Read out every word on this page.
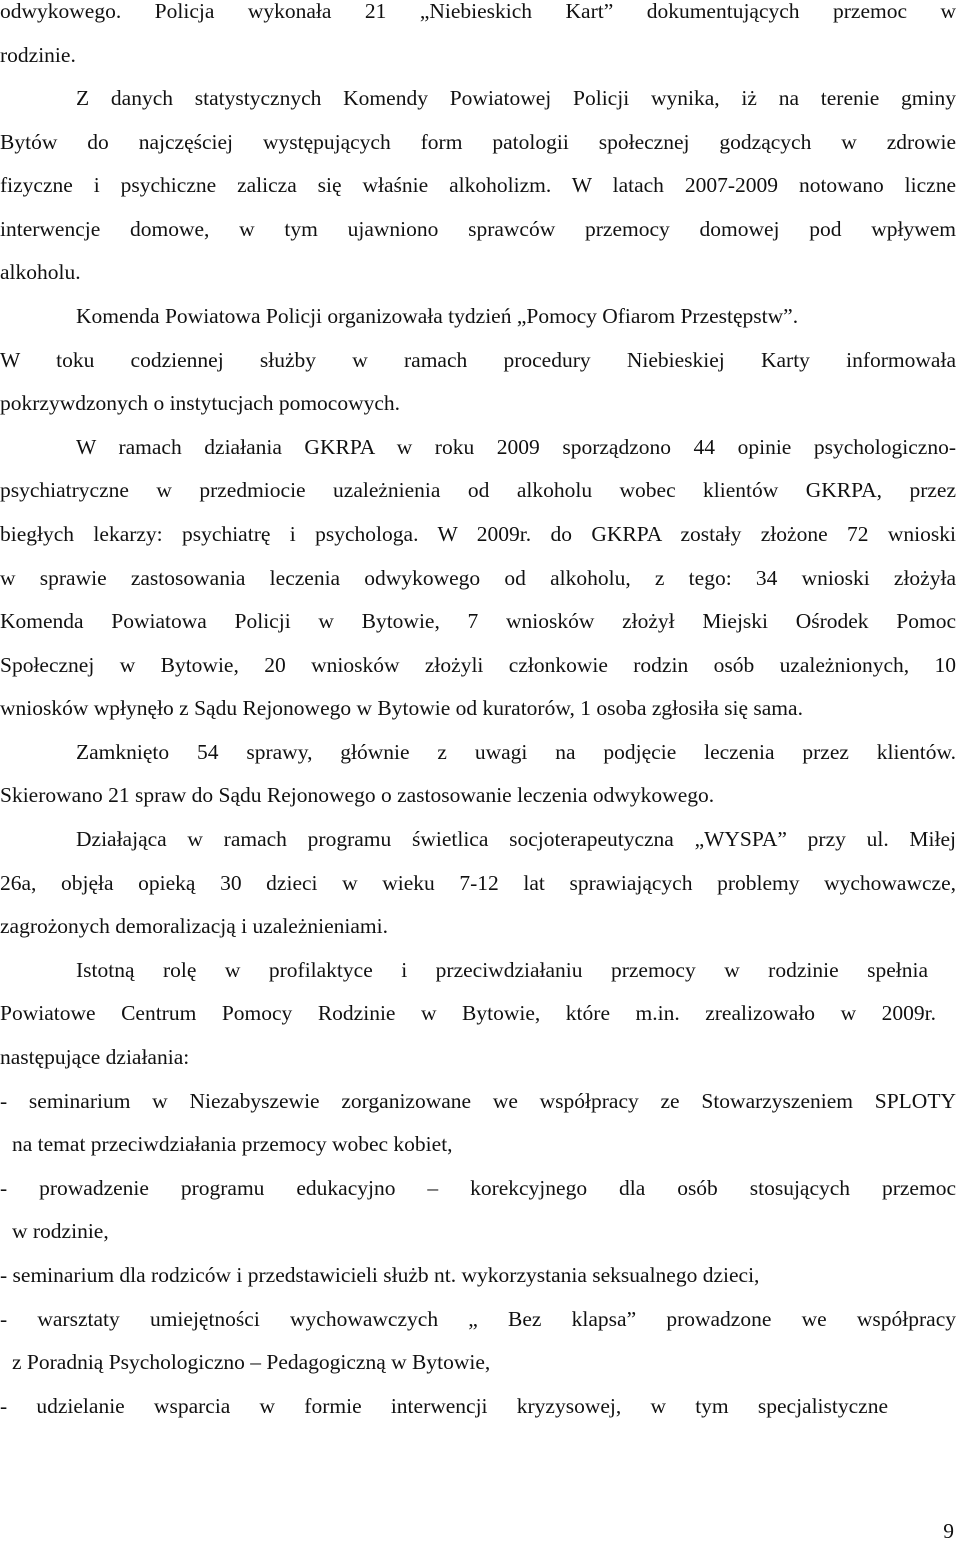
odwykowego. Policja wykonała 21 „Niebieskich Kart” dokumentujących przemoc w
rodzinie.
Z danych statystycznych Komendy Powiatowej Policji wynika, iż na terenie gminy
Bytów do najczęściej występujących form patologii społecznej godzących w zdrowie
fizyczne i psychiczne zalicza się właśnie alkoholizm. W latach 2007-2009 notowano liczne
interwencje domowe, w tym ujawniono sprawców przemocy domowej pod wpływem
alkoholu.
Komenda Powiatowa Policji organizowała tydzień „Pomocy Ofiarom Przestępstw”.
W toku codziennej służby w ramach procedury Niebieskiej Karty informowała
pokrzywdzonych o instytucjach pomocowych.
W ramach działania GKRPA w roku 2009 sporządzono 44 opinie psychologiczno-
psychiatryczne w przedmiocie uzależnienia od alkoholu wobec klientów GKRPA, przez
biegłych lekarzy: psychiatrę i psychologa. W 2009r. do GKRPA zostały złożone 72 wnioski
w sprawie zastosowania leczenia odwykowego od alkoholu, z tego: 34 wnioski złożyła
Komenda Powiatowa Policji w Bytowie, 7 wniosków złożył Miejski Ośrodek Pomoc
Społecznej w Bytowie, 20 wniosków złożyli członkowie rodzin osób uzależnionych, 10
wniosków wpłynęło z Sądu Rejonowego w Bytowie od kuratorów, 1 osoba zgłosiła się sama.
Zamknięto 54 sprawy, głównie z uwagi na podjęcie leczenia przez klientów.
Skierowano 21 spraw do Sądu Rejonowego o zastosowanie leczenia odwykowego.
Działająca w ramach programu świetlica socjoterapeutyczna „WYSPA” przy ul. Miłej
26a, objęła opieką 30 dzieci w wieku 7-12 lat sprawiających problemy wychowawcze,
zagrożonych demoralizacją i uzależnieniami.
Istotną rolę w profilaktyce i przeciwdziałaniu przemocy w rodzinie spełnia
Powiatowe Centrum Pomocy Rodzinie w Bytowie, które m.in. zrealizowało w 2009r.
następujące działania:
- seminarium w Niezabyszewie zorganizowane we współpracy ze Stowarzyszeniem SPLOTY
na temat przeciwdziałania przemocy wobec kobiet,
- prowadzenie programu edukacyjno – korekcyjnego dla osób stosujących przemoc
w rodzinie,
- seminarium dla rodziców i przedstawicieli służb nt. wykorzystania seksualnego dzieci,
- warsztaty umiejętności wychowawczych „ Bez klapsa” prowadzone we współpracy
z Poradnią Psychologiczno – Pedagogiczną w Bytowie,
- udzielanie wsparcia w formie interwencji kryzysowej, w tym specjalistyczne
9
